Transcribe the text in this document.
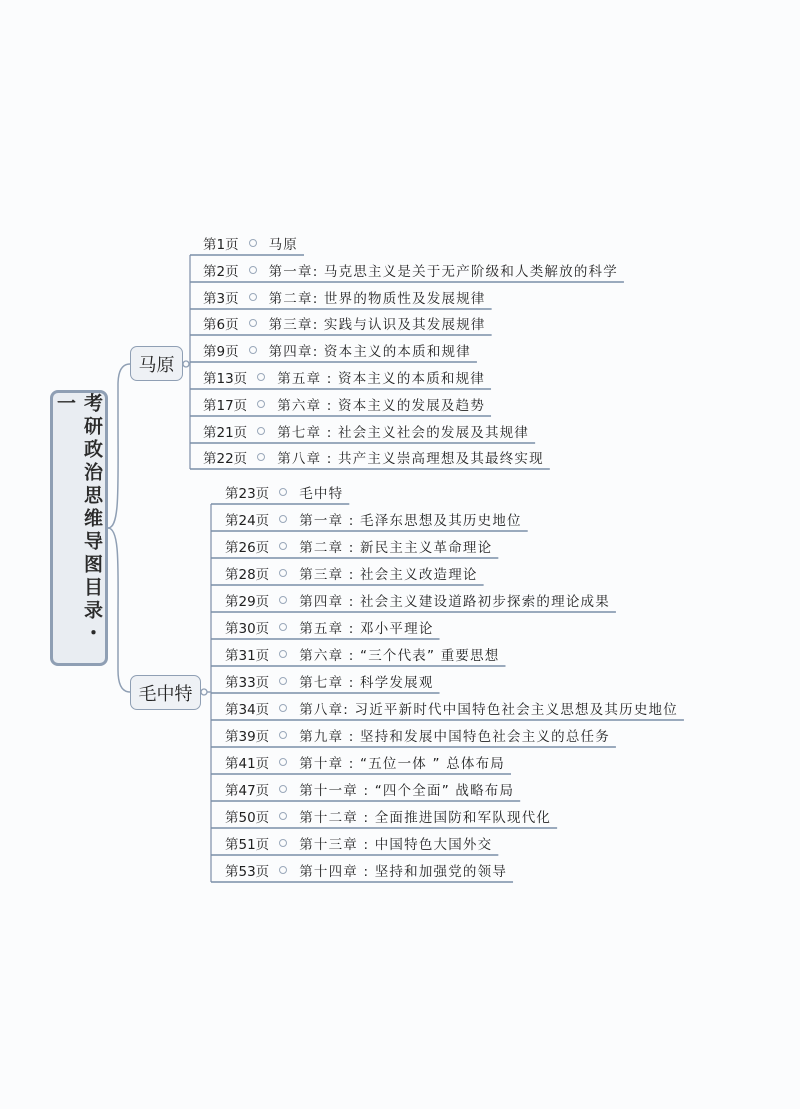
考研政治思维导图目录・一
马原
毛中特
第1页 马原
第2页 第一章: 马克思主义是关于无产阶级和人类解放的科学
第3页 第二章: 世界的物质性及发展规律
第6页 第三章: 实践与认识及其发展规律
第9页 第四章: 资本主义的本质和规律
第13页 第五章 : 资本主义的本质和规律
第17页 第六章 : 资本主义的发展及趋势
第21页 第七章 : 社会主义社会的发展及其规律
第22页 第八章 : 共产主义崇高理想及其最终实现
第23页 毛中特
第24页 第一章 : 毛泽东思想及其历史地位
第26页 第二章 : 新民主主义革命理论
第28页 第三章 : 社会主义改造理论
第29页 第四章 : 社会主义建设道路初步探索的理论成果
第30页 第五章 : 邓小平理论
第31页 第六章 : “三个代表” 重要思想
第33页 第七章 : 科学发展观
第34页 第八章: 习近平新时代中国特色社会主义思想及其历史地位
第39页 第九章 : 坚持和发展中国特色社会主义的总任务
第41页 第十章 : “五位一体 ” 总体布局
第47页 第十一章 : “四个全面” 战略布局
第50页 第十二章 : 全面推进国防和军队现代化
第51页 第十三章 : 中国特色大国外交
第53页 第十四章 : 坚持和加强党的领导
